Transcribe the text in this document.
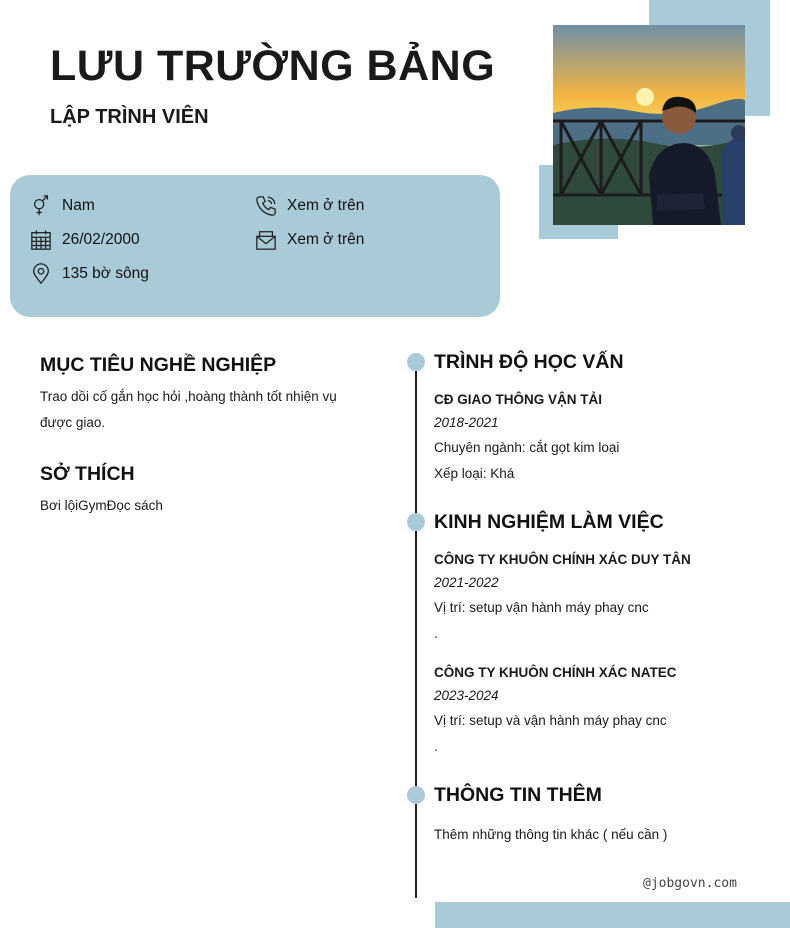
LƯU TRƯỜNG BẢNG
LẬP TRÌNH VIÊN
Nam
26/02/2000
135 bờ sông
Xem ở trên
Xem ở trên
MỤC TIÊU NGHỀ NGHIỆP

Trao dồi cố gắn học hỏi ,hoàng thành tốt nhiện vụ

được giao.

SỞ THÍCH

Bơi lộiGymĐọc sách

TRÌNH ĐỘ HỌC VẤN

CĐ GIAO THÔNG VẬN TẢI

2018-2021

Chuyên ngành: cắt gọt kim loại

Xếp loại: Khá

KINH NGHIỆM LÀM VIỆC

CÔNG TY KHUÔN CHÍNH XÁC DUY TÂN

2021-2022

Vị trí: setup vận hành máy phay cnc

.

CÔNG TY KHUÔN CHÍNH XÁC NATEC

2023-2024

Vị trí: setup và vận hành máy phay cnc

.

THÔNG TIN THÊM

Thêm những thông tin khác ( nếu cần )

@jobgovn.com
